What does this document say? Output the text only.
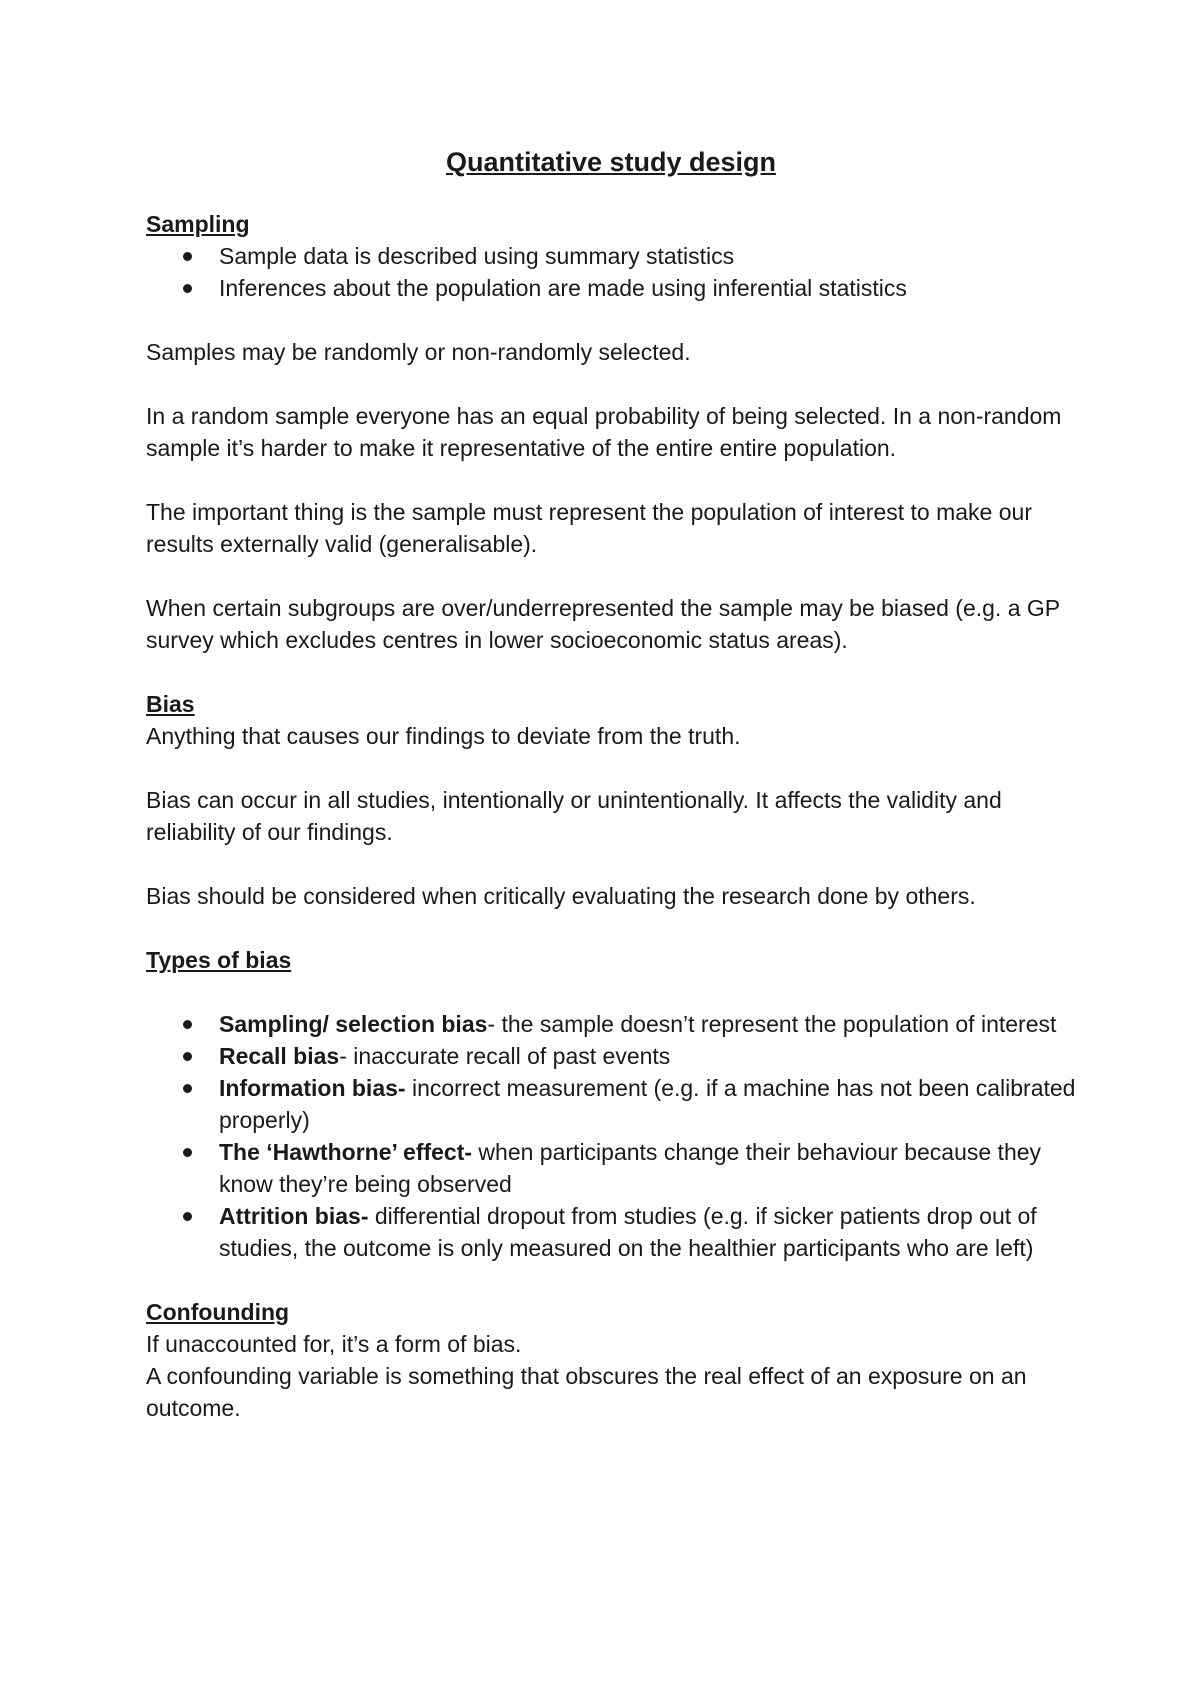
Quantitative study design
Sampling
Sample data is described using summary statistics
Inferences about the population are made using inferential statistics

Samples may be randomly or non-randomly selected.

In a random sample everyone has an equal probability of being selected. In a non-random sample it’s harder to make it representative of the entire entire population.

The important thing is the sample must represent the population of interest to make our results externally valid (generalisable).

When certain subgroups are over/underrepresented the sample may be biased (e.g. a GP survey which excludes centres in lower socioeconomic status areas).

Bias

Anything that causes our findings to deviate from the truth.

Bias can occur in all studies, intentionally or unintentionally. It affects the validity and reliability of our findings.

Bias should be considered when critically evaluating the research done by others.

Types of bias
Sampling/ selection bias- the sample doesn’t represent the population of interest
Recall bias- inaccurate recall of past events
Information bias- incorrect measurement (e.g. if a machine has not been calibrated properly)
The ‘Hawthorne’ effect- when participants change their behaviour because they know they’re being observed
Attrition bias- differential dropout from studies (e.g. if sicker patients drop out of studies, the outcome is only measured on the healthier participants who are left)
Confounding

If unaccounted for, it’s a form of bias.

A confounding variable is something that obscures the real effect of an exposure on an outcome.
